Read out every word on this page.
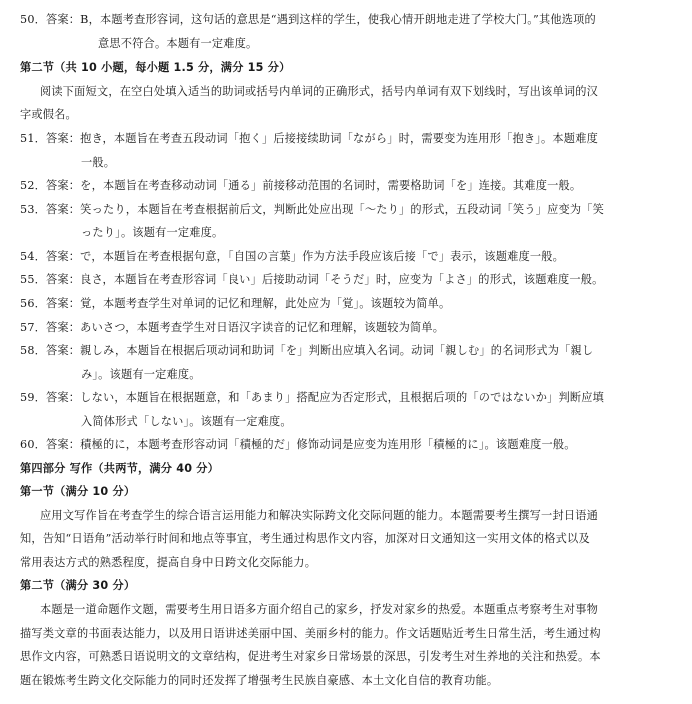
50．答案：B，本题考查形容词，这句话的意思是“遇到这样的学生，使我心情开朗地走进了学校大门。”其他选项的
意思不符合。本题有一定难度。
第二节（共 10 小题，每小题 1.5 分，满分 15 分）
阅读下面短文，在空白处填入适当的助词或括号内单词的正确形式，括号内单词有双下划线时，写出该单词的汉
字或假名。
51．答案：抱き，本题旨在考查五段动词「抱く」后接接续助词「ながら」时，需要变为连用形「抱き」。本题难度
一般。
52．答案：を，本题旨在考查移动动词「通る」前接移动范围的名词时，需要格助词「を」连接。其难度一般。
53．答案：笑ったり，本题旨在考查根据前后文，判断此处应出现「～たり」的形式，五段动词「笑う」应变为「笑
ったり」。该题有一定难度。
54．答案：で，本题旨在考查根据句意，「自国の言葉」作为方法手段应该后接「で」表示，该题难度一般。
55．答案：良さ，本题旨在考查形容词「良い」后接助动词「そうだ」时，应变为「よさ」的形式，该题难度一般。
56．答案：覚，本题考查学生对单词的记忆和理解，此处应为「覚」。该题较为简单。
57．答案：あいさつ，本题考查学生对日语汉字读音的记忆和理解，该题较为简单。
58．答案：親しみ，本题旨在根据后项动词和助词「を」判断出应填入名词。动词「親しむ」的名词形式为「親し
み」。该题有一定难度。
59．答案：しない，本题旨在根据题意，和「あまり」搭配应为否定形式，且根据后项的「のではないか」判断应填
入简体形式「しない」。该题有一定难度。
60．答案：積極的に，本题考查形容动词「積極的だ」修饰动词是应变为连用形「積極的に」。该题难度一般。
第四部分 写作（共两节，满分 40 分）
第一节（满分 10 分）
应用文写作旨在考查学生的综合语言运用能力和解决实际跨文化交际问题的能力。本题需要考生撰写一封日语通
知，告知“日语角”活动举行时间和地点等事宜，考生通过构思作文内容，加深对日文通知这一实用文体的格式以及
常用表达方式的熟悉程度，提高自身中日跨文化交际能力。
第二节（满分 30 分）
本题是一道命题作文题，需要考生用日语多方面介绍自己的家乡，抒发对家乡的热爱。本题重点考察考生对事物
描写类文章的书面表达能力，以及用日语讲述美丽中国、美丽乡村的能力。作文话题贴近考生日常生活，考生通过构
思作文内容，可熟悉日语说明文的文章结构，促进考生对家乡日常场景的深思，引发考生对生养地的关注和热爱。本
题在锻炼考生跨文化交际能力的同时还发挥了增强考生民族自豪感、本土文化自信的教育功能。
